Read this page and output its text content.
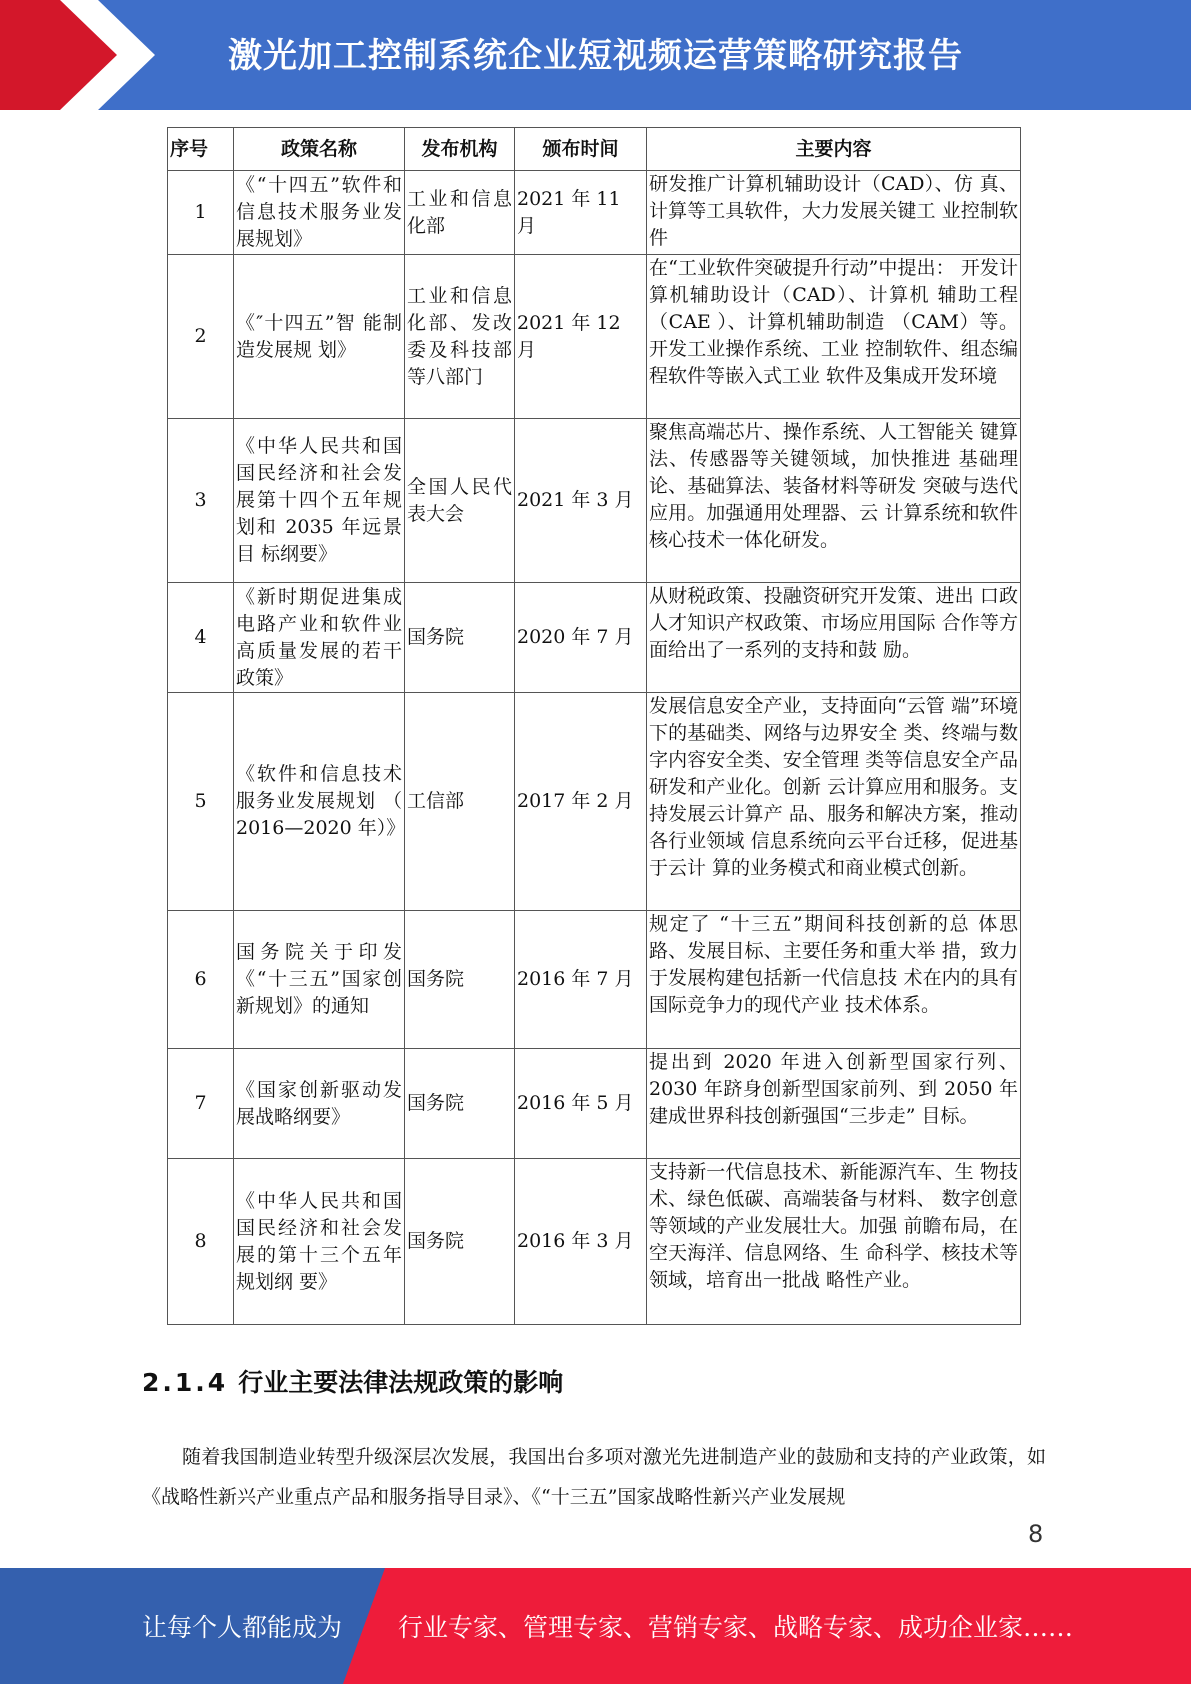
激光加工控制系统企业短视频运营策略研究报告
序号	政策名称	发布机构	颁布时间	主要内容
1	《“十四五”软件和信息技术服务业发展规划》	工业和信息化部	2021 年 11 月	研发推广计算机辅助设计（CAD）、仿 真、计算等工具软件，大力发展关键工 业控制软件
2	《″十四五”智 能制造发展规 划》	工业和信息化部、发改委及科技部等八部门	2021 年 12 月	在“工业软件突破提升行动”中提出： 开发计算机辅助设计（CAD）、计算机 辅助工程（CAE ）、计算机辅助制造 （CAM）等。开发工业操作系统、工业 控制软件、组态编程软件等嵌入式工业 软件及集成开发环境
3	《中华人民共和国国民经济和社会发展第十四个五年规划和 2035 年远景目 标纲要》	全国人民代表大会	2021 年 3 月	聚焦高端芯片、操作系统、人工智能关 键算法、传感器等关键领域，加快推进 基础理论、基础算法、装备材料等研发 突破与迭代应用。加强通用处理器、云 计算系统和软件核心技术一体化研发。
4	《新时期促进集成电路产业和软件业高质量发展的若干政策》	国务院	2020 年 7 月	从财税政策、投融资研究开发策、进出 口政人才知识产权政策、市场应用国际 合作等方面给出了一系列的支持和鼓 励。
5	《软件和信息技术服务业发展规划 （ 2016—2020 年）》	工信部	2017 年 2 月	发展信息安全产业，支持面向“云管 端”环境下的基础类、网络与边界安全 类、终端与数字内容安全类、安全管理 类等信息安全产品研发和产业化。创新 云计算应用和服务。支持发展云计算产 品、服务和解决方案，推动各行业领域 信息系统向云平台迁移，促进基于云计 算的业务模式和商业模式创新。
6	国务院关于印发《“十三五”国家创新规划》的通知	国务院	2016 年 7 月	规定了 “十三五”期间科技创新的总 体思路、发展目标、主要任务和重大举 措，致力于发展构建包括新一代信息技 术在内的具有国际竞争力的现代产业 技术体系。
7	《国家创新驱动发展战略纲要》	国务院	2016 年 5 月	提出到 2020 年进入创新型国家行列、2030 年跻身创新型国家前列、到 2050 年建成世界科技创新强国“三步走” 目标。
8	《中华人民共和国国民经济和社会发展的第十三个五年规划纲 要》	国务院	2016 年 3 月	支持新一代信息技术、新能源汽车、生 物技术、绿色低碳、高端装备与材料、 数字创意等领域的产业发展壮大。加强 前瞻布局，在空天海洋、信息网络、生 命科学、核技术等领域，培育出一批战 略性产业。
2.1.4 行业主要法律法规政策的影响
随着我国制造业转型升级深层次发展，我国出台多项对激光先进制造产业的鼓励和支持的产业政策，如《战略性新兴产业重点产品和服务指导目录》、《“十三五”国家战略性新兴产业发展规
8
让每个人都能成为 行业专家、管理专家、营销专家、战略专家、成功企业家……
